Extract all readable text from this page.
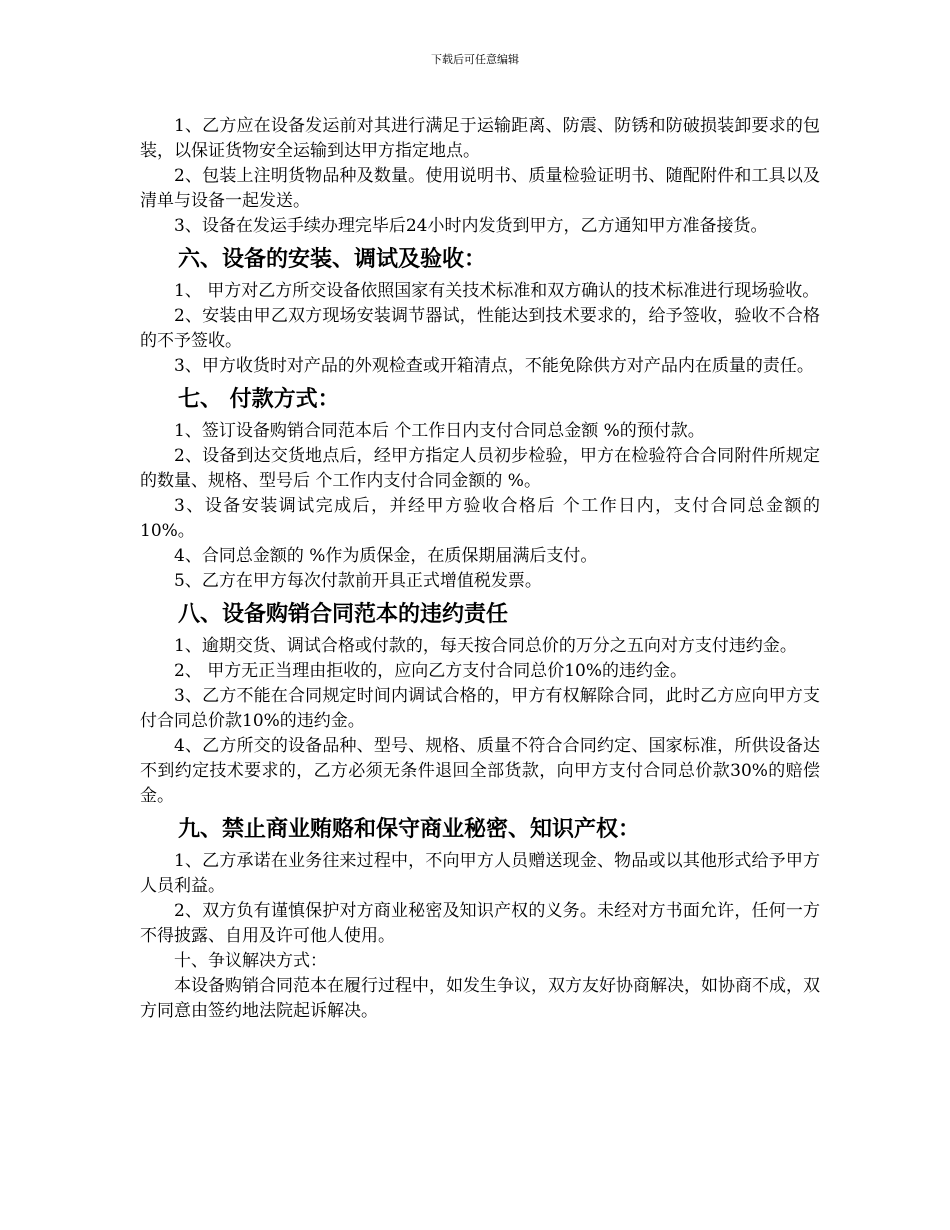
下载后可任意编辑

1、乙方应在设备发运前对其进行满足于运输距离、防震、防锈和防破损装卸要求的包装，以保证货物安全运输到达甲方指定地点。

2、包装上注明货物品种及数量。使用说明书、质量检验证明书、随配附件和工具以及清单与设备一起发送。

3、设备在发运手续办理完毕后24小时内发货到甲方，乙方通知甲方准备接货。

六、设备的安装、调试及验收：

1、 甲方对乙方所交设备依照国家有关技术标准和双方确认的技术标准进行现场验收。

2、安装由甲乙双方现场安装调节器试，性能达到技术要求的，给予签收，验收不合格的不予签收。

3、甲方收货时对产品的外观检查或开箱清点，不能免除供方对产品内在质量的责任。

七、 付款方式：

1、签订设备购销合同范本后 个工作日内支付合同总金额 %的预付款。

2、设备到达交货地点后，经甲方指定人员初步检验，甲方在检验符合合同附件所规定的数量、规格、型号后 个工作内支付合同金额的 %。

3、设备安装调试完成后，并经甲方验收合格后 个工作日内，支付合同总金额的10%。

4、合同总金额的 %作为质保金，在质保期届满后支付。

5、乙方在甲方每次付款前开具正式增值税发票。

八、设备购销合同范本的违约责任

1、逾期交货、调试合格或付款的，每天按合同总价的万分之五向对方支付违约金。

2、 甲方无正当理由拒收的，应向乙方支付合同总价10%的违约金。

3、乙方不能在合同规定时间内调试合格的，甲方有权解除合同，此时乙方应向甲方支付合同总价款10%的违约金。

4、乙方所交的设备品种、型号、规格、质量不符合合同约定、国家标准，所供设备达不到约定技术要求的，乙方必须无条件退回全部货款，向甲方支付合同总价款30%的赔偿金。

九、禁止商业贿赂和保守商业秘密、知识产权：

1、乙方承诺在业务往来过程中，不向甲方人员赠送现金、物品或以其他形式给予甲方人员利益。

2、双方负有谨慎保护对方商业秘密及知识产权的义务。未经对方书面允许，任何一方不得披露、自用及许可他人使用。

十、争议解决方式：

本设备购销合同范本在履行过程中，如发生争议，双方友好协商解决，如协商不成，双方同意由签约地法院起诉解决。
